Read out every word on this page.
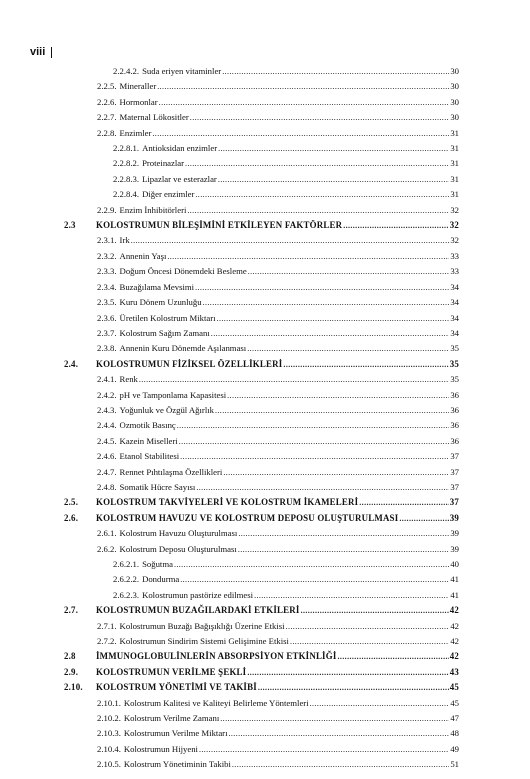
viii
2.2.4.2. Suda eriyen vitaminler .....	30
2.2.5. Mineraller .....	30
2.2.6. Hormonlar .....	30
2.2.7. Maternal Lökositler .....	30
2.2.8. Enzimler .....	31
2.2.8.1. Antioksidan enzimler .....	31
2.2.8.2. Proteinazlar .....	31
2.2.8.3. Lipazlar ve esterazlar .....	31
2.2.8.4. Diğer enzimler .....	31
2.2.9. Enzim İnhibitörleri .....	32
2.3	KOLOSTRUMUN BİLEŞİMİNİ ETKİLEYEN FAKTÖRLER .....	32
2.3.1. Irk .....	32
2.3.2. Annenin Yaşı .....	33
2.3.3. Doğum Öncesi Dönemdeki Besleme .....	33
2.3.4. Buzağılama Mevsimi .....	34
2.3.5. Kuru Dönem Uzunluğu .....	34
2.3.6. Üretilen Kolostrum Miktarı .....	34
2.3.7. Kolostrum Sağım Zamanı .....	34
2.3.8. Annenin Kuru Dönemde Aşılanması .....	35
2.4.	KOLOSTRUMUN FİZİKSEL ÖZELLİKLERİ .....	35
2.4.1. Renk .....	35
2.4.2. pH ve Tamponlama Kapasitesi .....	36
2.4.3. Yoğunluk ve Özgül Ağırlık .....	36
2.4.4. Ozmotik Basınç .....	36
2.4.5. Kazein Miselleri .....	36
2.4.6. Etanol Stabilitesi .....	37
2.4.7. Rennet Pıhtılaşma Özellikleri .....	37
2.4.8. Somatik Hücre Sayısı .....	37
2.5.	KOLOSTRUM TAKVİYELERİ VE KOLOSTRUM İKAMELERİ .....	37
2.6.	KOLOSTRUM HAVUZU VE KOLOSTRUM DEPOSU OLUŞTURULMASI .....	39
2.6.1. Kolostrum Havuzu Oluşturulması .....	39
2.6.2. Kolostrum Deposu Oluşturulması .....	39
2.6.2.1. Soğutma .....	40
2.6.2.2. Dondurma .....	41
2.6.2.3. Kolostrumun pastörize edilmesi .....	41
2.7.	KOLOSTRUMUN BUZAĞILARDAKİ ETKİLERİ .....	42
2.7.1. Kolostrumun Buzağı Bağışıklığı Üzerine Etkisi .....	42
2.7.2. Kolostrumun Sindirim Sistemi Gelişimine Etkisi .....	42
2.8	İMMUNOGLOBULİNLERİN ABSORPSİYON ETKİNLİĞİ .....	42
2.9.	KOLOSTRUMUN VERİLME ŞEKLİ .....	43
2.10.	KOLOSTRUM YÖNETİMİ VE TAKİBİ .....	45
2.10.1. Kolostrum Kalitesi ve Kaliteyi Belirleme Yöntemleri .....	45
2.10.2. Kolostrum Verilme Zamanı .....	47
2.10.3. Kolostrumun Verilme Miktarı .....	48
2.10.4. Kolostrumun Hijyeni .....	49
2.10.5. Kolostrum Yönetiminin Takibi .....	51
